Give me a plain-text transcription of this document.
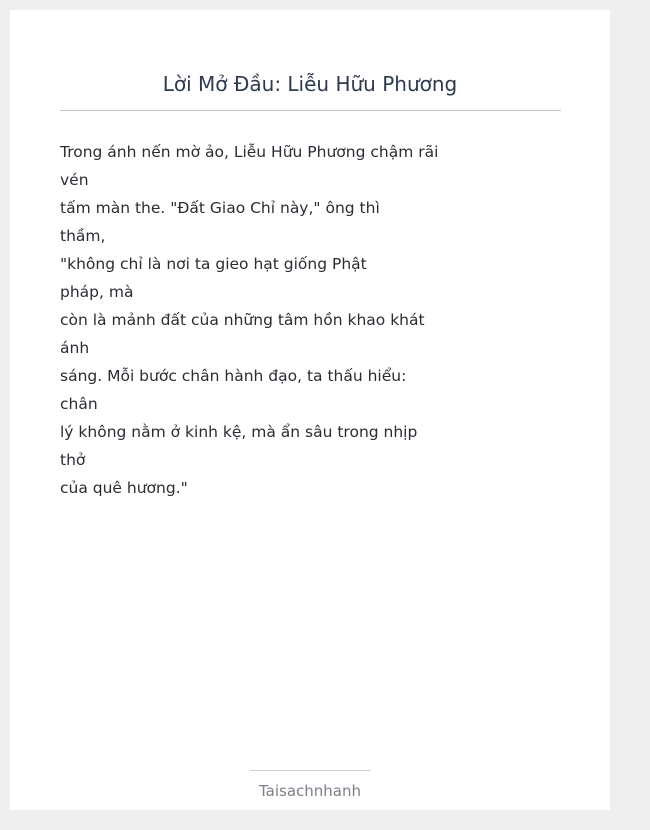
Lời Mở Đầu: Liễu Hữu Phương
Trong ánh nến mờ ảo, Liễu Hữu Phương chậm rãi
vén
tấm màn the. "Đất Giao Chỉ này," ông thì
thầm,
"không chỉ là nơi ta gieo hạt giống Phật
pháp, mà
còn là mảnh đất của những tâm hồn khao khát
ánh
sáng. Mỗi bước chân hành đạo, ta thấu hiểu:
chân
lý không nằm ở kinh kệ, mà ẩn sâu trong nhịp
thở
của quê hương."
Taisachnhanh
